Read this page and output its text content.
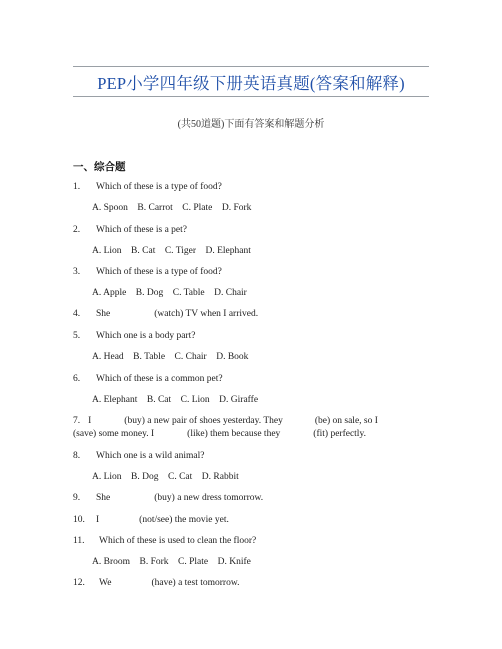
PEP小学四年级下册英语真题(答案和解释)
(共50道题)下面有答案和解题分析
一、综合题
1. Which of these is a type of food?
A. Spoon    B. Carrot    C. Plate    D. Fork
2. Which of these is a pet?
A. Lion    B. Cat    C. Tiger    D. Elephant
3. Which of these is a type of food?
A. Apple    B. Dog    C. Table    D. Chair
4. She	(watch) TV when I arrived.
5. Which one is a body part?
A. Head    B. Table    C. Chair    D. Book
6. Which of these is a common pet?
A. Elephant    B. Cat    C. Lion    D. Giraffe
7. I	(buy) a new pair of shoes yesterday. They	(be) on sale, so I
(save) some money. I	(like) them because they	(fit) perfectly.
8. Which one is a wild animal?
A. Lion    B. Dog    C. Cat    D. Rabbit
9. She	(buy) a new dress tomorrow.
10. I	(not/see) the movie yet.
11. Which of these is used to clean the floor?
A. Broom    B. Fork    C. Plate    D. Knife
12. We	(have) a test tomorrow.
